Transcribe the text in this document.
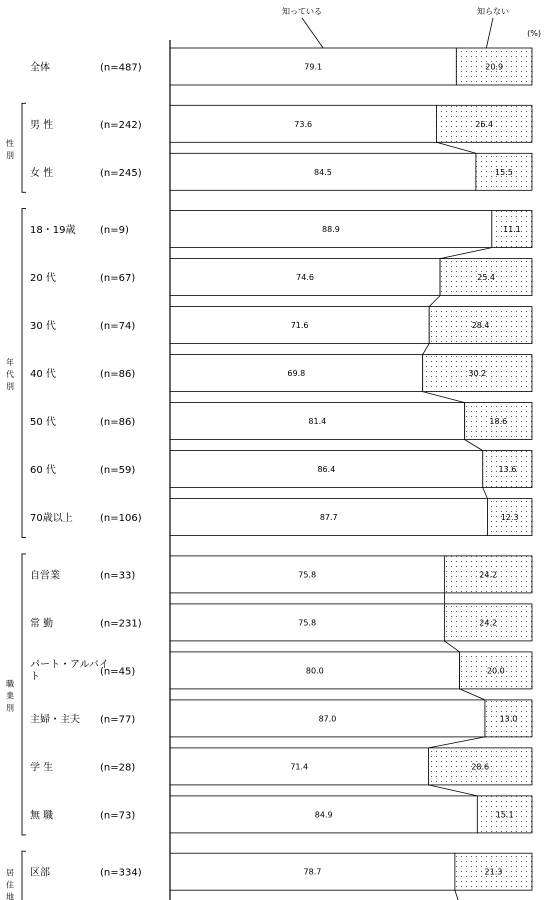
知っている	知らない
性別
年代別
職業別
居住地
全体	(n=487)	79.1	20.9
男 性	(n=242)	73.6	26.4
女 性	(n=245)	84.5	15.5
18・19歳 (n=9)	88.9	11.1
20 代	(n=67)	74.6	25.4
30 代	(n=74)	71.6	28.4
40 代	(n=86)	69.8	30.2
50 代	(n=86)	81.4	18.6
60 代	(n=59)	86.4	13.6
70歳以上	(n=106)	87.7	12.3
自営業	(n=33)	75.8	24.2
常 勤	(n=231)	75.8	24.2
パート・アルバイト	(n=45)	80.0	20.0
主婦・主夫 (n=77)	87.0	13.0
学 生	(n=28)	71.4	28.6
無 職	(n=73)	84.9	15.1
区部	(n=334)	78.7	21.3
(%)
